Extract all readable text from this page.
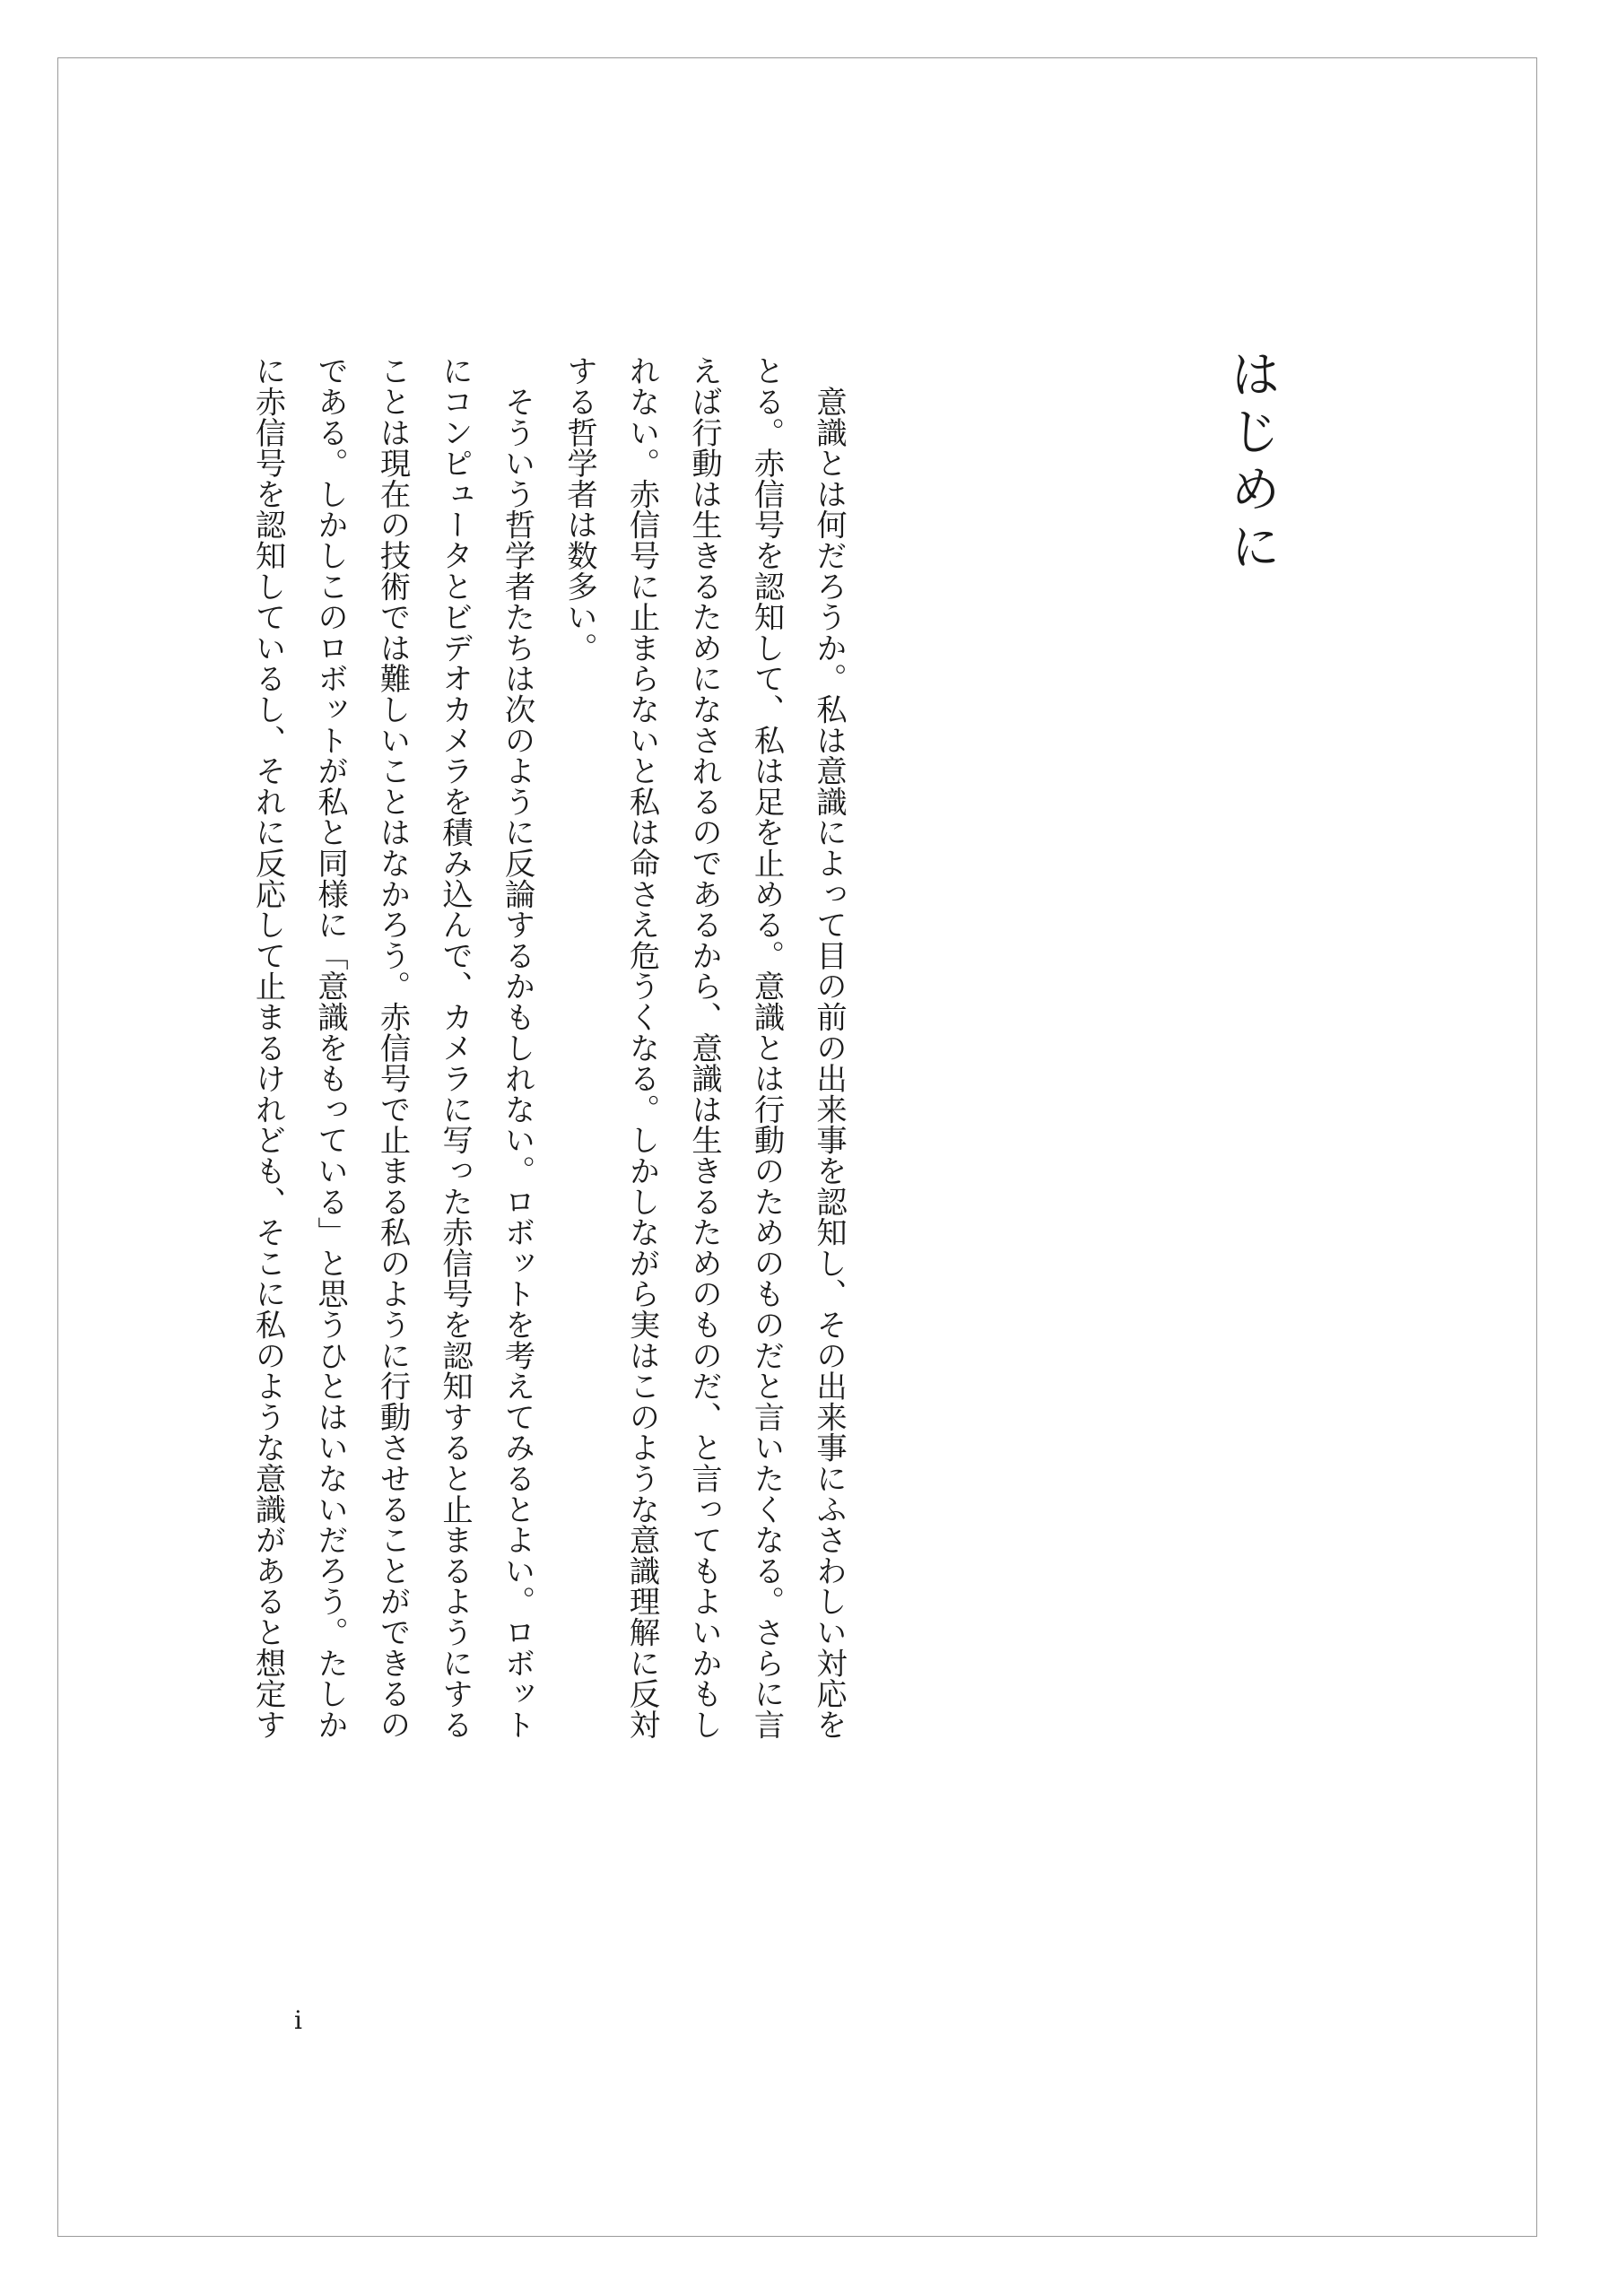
はじめに
　意識とは何だろうか。私は意識によって目の前の出来事を認知し、その出来事にふさわしい対応を
とる。赤信号を認知して、私は足を止める。意識とは行動のためのものだと言いたくなる。さらに言
えば行動は生きるためになされるのであるから、意識は生きるためのものだ、と言ってもよいかもし
れない。赤信号に止まらないと私は命さえ危うくなる。しかしながら実はこのような意識理解に反対
する哲学者は数多い。
　そういう哲学者たちは次のように反論するかもしれない。ロボットを考えてみるとよい。ロボット
にコンピュータとビデオカメラを積み込んで、カメラに写った赤信号を認知すると止まるようにする
ことは現在の技術では難しいことはなかろう。赤信号で止まる私のように行動させることができるの
である。しかしこのロボットが私と同様に「意識をもっている」と思うひとはいないだろう。たしか
に赤信号を認知しているし、それに反応して止まるけれども、そこに私のような意識があると想定す
i
